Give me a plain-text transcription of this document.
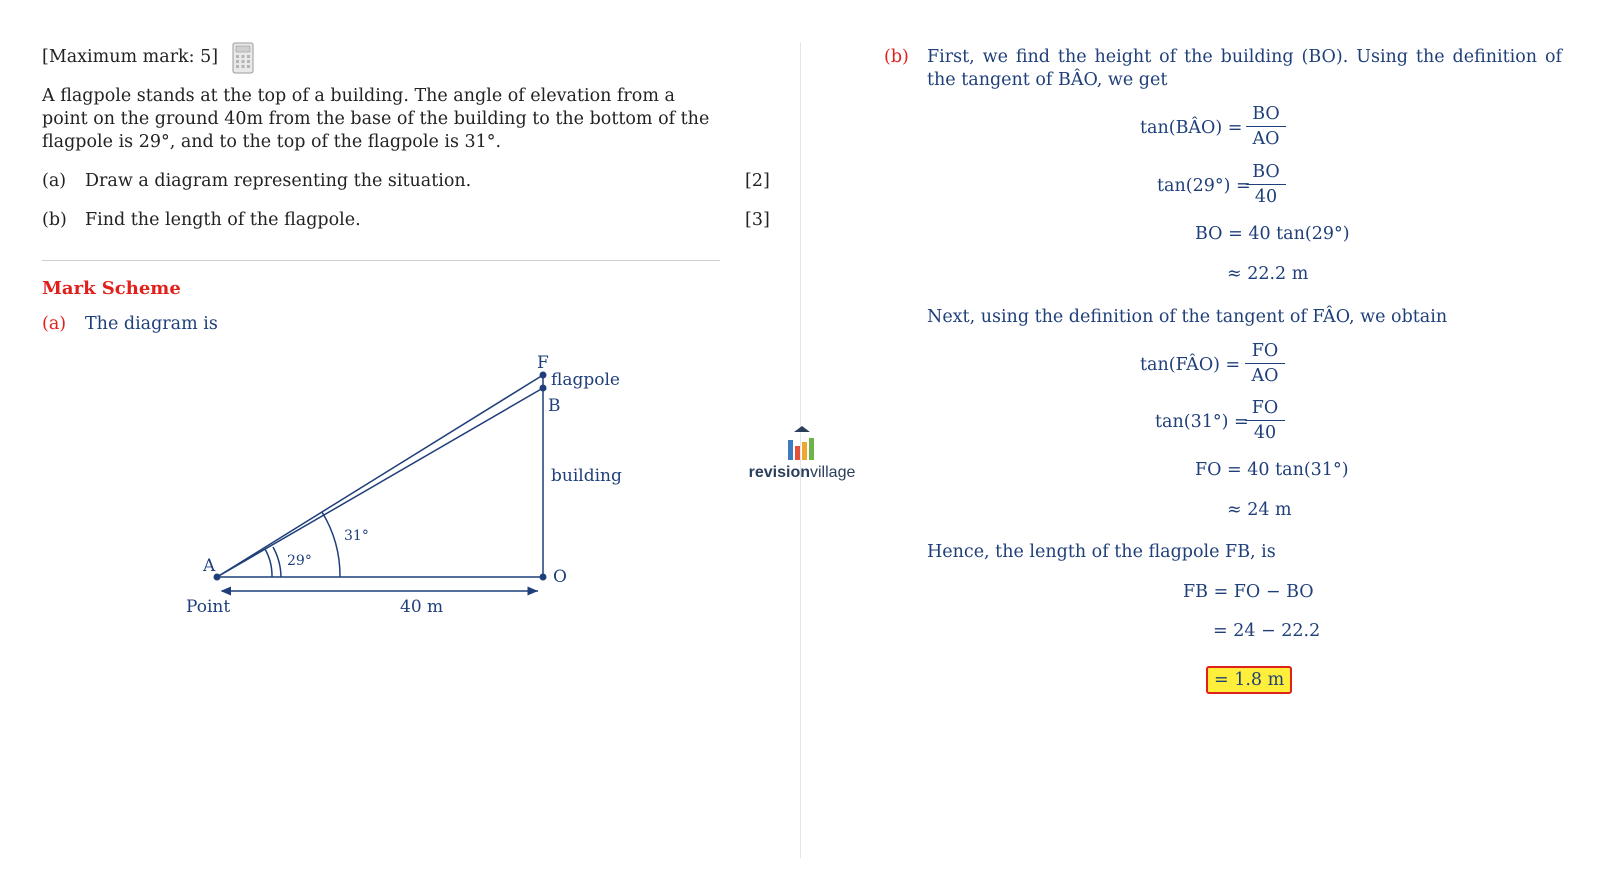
[Maximum mark: 5]
A flagpole stands at the top of a building. The angle of elevation from a point on the ground 40m from the base of the building to the bottom of the flagpole is 29°, and to the top of the flagpole is 31°.
(a) Draw a diagram representing the situation.	[2]
(b) Find the length of the flagpole.	[3]
Mark Scheme
(a) The diagram is
A
Point
F
flagpole
B
building
O
40 m
29°
31°
revisionvillage
(b) First, we find the height of the building (BO). Using the definition of the tangent of BÂO, we get
tan(BÂO) = $\frac{BO}{AO}$
tan(29°) =
$\frac{BO}{40}$
BO = 40 tan(29°)
≈ 22.2 m
Next, using the definition of the tangent of FÂO, we obtain
tan(FÂO) = $\frac{FO}{AO}$
tan(31°) =
$\frac{FO}{40}$
FO = 40 tan(31°)
≈ 24 m
Hence, the length of the flagpole FB, is
FB = FO − BO
= 24 − 22.2
= 1.8 m
